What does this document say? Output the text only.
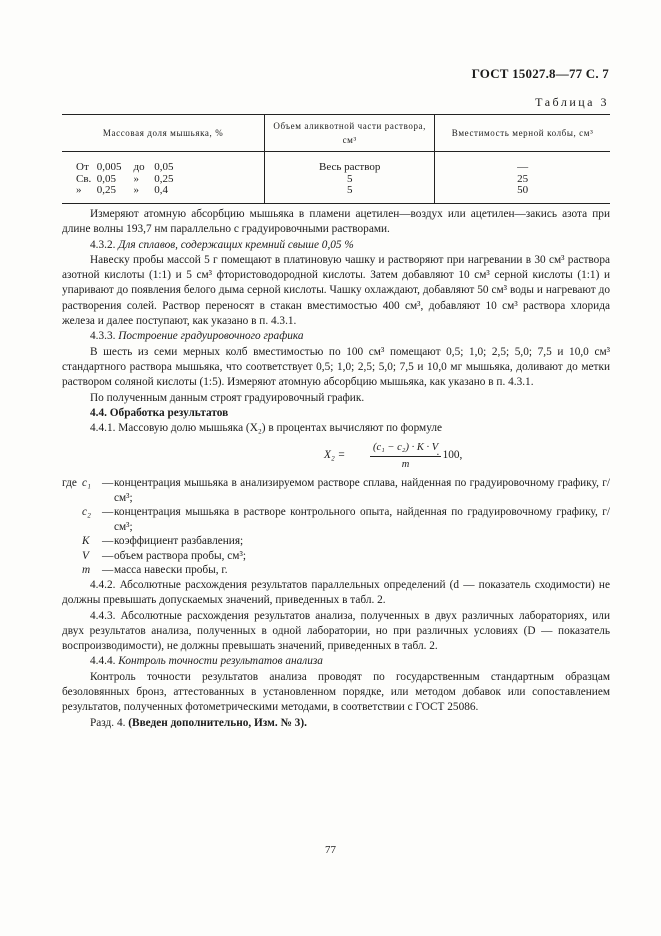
ГОСТ 15027.8—77 С. 7
Таблица 3
Массовая доля мышьяка, %	Объем аликвотной части раствора, см³	Вместимость мерной колбы, см³
От 0,005 до 0,05	Весь раствор	—
Св. 0,05 » 0,25	5	25
» 0,25 » 0,4	5	50

Измеряют атомную абсорбцию мышьяка в пламени ацетилен—воздух или ацетилен—закись азота при длине волны 193,7 нм параллельно с градуировочными растворами.

4.3.2. Для сплавов, содержащих кремний свыше 0,05 %

Навеску пробы массой 5 г помещают в платиновую чашку и растворяют при нагревании в 30 см³ раствора азотной кислоты (1:1) и 5 см³ фтористоводородной кислоты. Затем добавляют 10 см³ серной кислоты (1:1) и упаривают до появления белого дыма серной кислоты. Чашку охлаждают, добавляют 50 см³ воды и нагревают до растворения солей. Раствор переносят в стакан вместимостью 400 см³, добавляют 10 см³ раствора хлорида железа и далее поступают, как указано в п. 4.3.1.

4.3.3. Построение градуировочного графика

В шесть из семи мерных колб вместимостью по 100 см³ помещают 0,5; 1,0; 2,5; 5,0; 7,5 и 10,0 см³ стандартного раствора мышьяка, что соответствует 0,5; 1,0; 2,5; 5,0; 7,5 и 10,0 мг мышьяка, доливают до метки раствором соляной кислоты (1:5). Измеряют атомную абсорбцию мышьяка, как указано в п. 4.3.1.

По полученным данным строят градуировочный график.

4.4. Обработка результатов

4.4.1. Массовую долю мышьяка (X₂) в процентах вычисляют по формуле

$X_2 = \frac{\text{(c₁ − c₂) · K · V}}{m}$
· 100,
где c₁ — концентрация мышьяка в анализируемом растворе сплава, найденная по градуировочному графику, г/см³;
c₂ — концентрация мышьяка в растворе контрольного опыта, найденная по градуировочному графику, г/см³;
K	— коэффициент разбавления;
V	— объем раствора пробы, см³;
m	— масса навески пробы, г.

4.4.2. Абсолютные расхождения результатов параллельных определений (d — показатель сходимости) не должны превышать допускаемых значений, приведенных в табл. 2.

4.4.3. Абсолютные расхождения результатов анализа, полученных в двух различных лабораториях, или двух результатов анализа, полученных в одной лаборатории, но при различных условиях (D — показатель воспроизводимости), не должны превышать значений, приведенных в табл. 2.

4.4.4. Контроль точности результатов анализа

Контроль точности результатов анализа проводят по государственным стандартным образцам безоловянных бронз, аттестованных в установленном порядке, или методом добавок или сопоставлением результатов, полученных фотометрическими методами, в соответствии с ГОСТ 25086.

Разд. 4. (Введен дополнительно, Изм. № 3).

77
